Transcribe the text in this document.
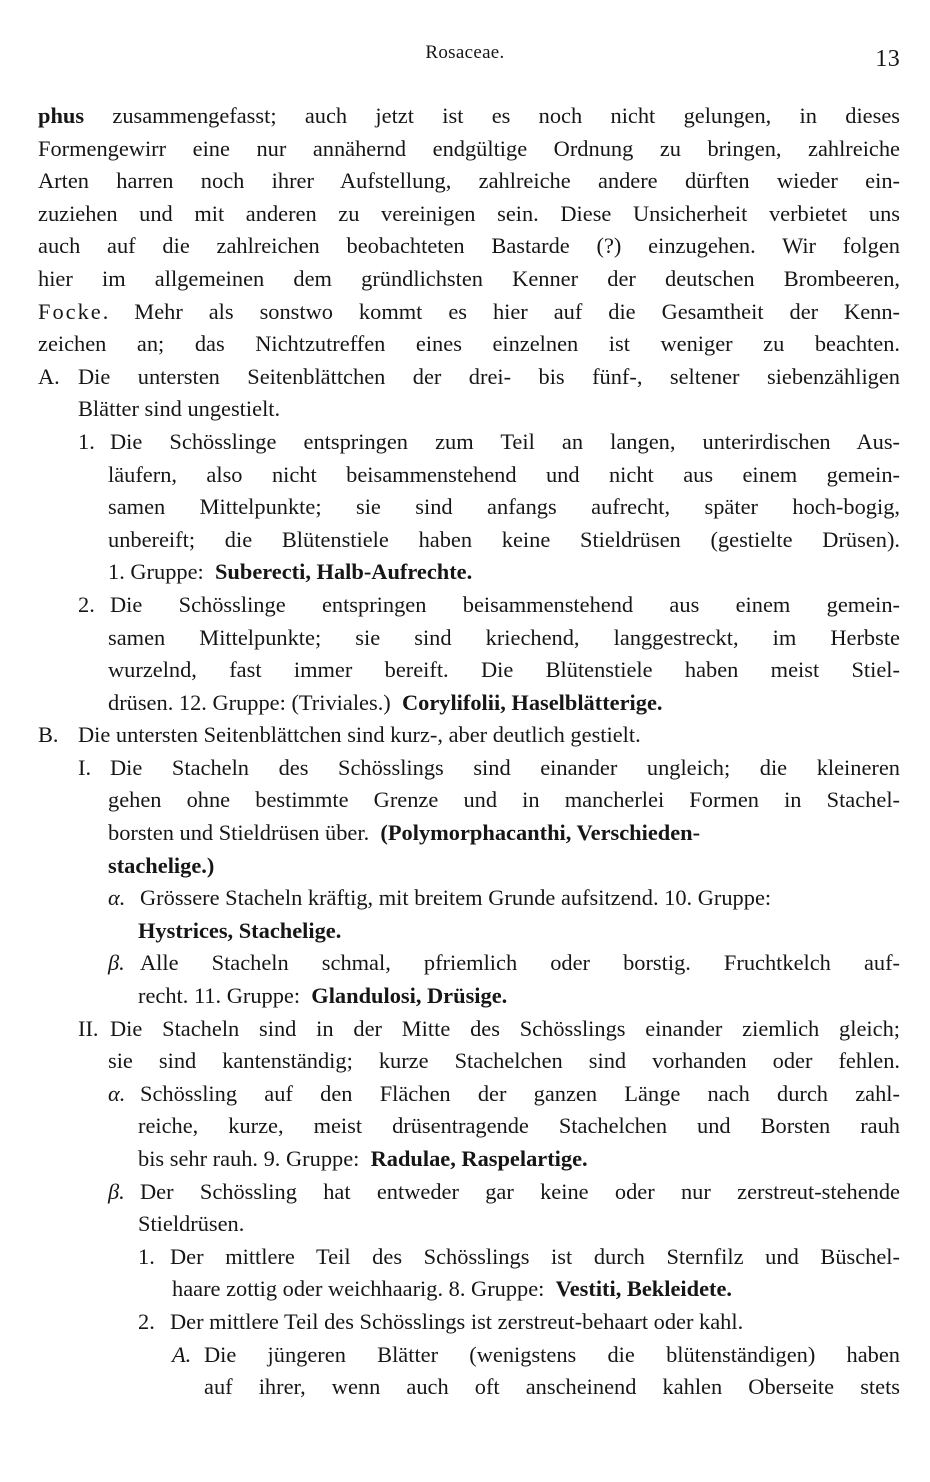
Rosaceae.	13
phus zusammengefasst; auch jetzt ist es noch nicht gelungen, in dieses
Formengewirr eine nur annähernd endgültige Ordnung zu bringen, zahlreiche
Arten harren noch ihrer Aufstellung, zahlreiche andere dürften wieder ein-
zuziehen und mit anderen zu vereinigen sein. Diese Unsicherheit verbietet uns
auch auf die zahlreichen beobachteten Bastarde (?) einzugehen. Wir folgen
hier im allgemeinen dem gründlichsten Kenner der deutschen Brombeeren,
Focke. Mehr als sonstwo kommt es hier auf die Gesamtheit der Kenn-
zeichen an; das Nichtzutreffen eines einzelnen ist weniger zu beachten.
A. Die untersten Seitenblättchen der drei- bis fünf-, seltener siebenzähligen
Blätter sind ungestielt.
1. Die Schösslinge entspringen zum Teil an langen, unterirdischen Aus-
läufern, also nicht beisammenstehend und nicht aus einem gemein-
samen Mittelpunkte; sie sind anfangs aufrecht, später hoch-bogig,
unbereift; die Blütenstiele haben keine Stieldrüsen (gestielte Drüsen).
1. Gruppe:
Suberecti, Halb-Aufrechte.
2. Die Schösslinge entspringen beisammenstehend aus einem gemein-
samen Mittelpunkte; sie sind kriechend, langgestreckt, im Herbste
wurzelnd, fast immer bereift. Die Blütenstiele haben meist Stiel-
drüsen. 12. Gruppe: (Triviales.)
Corylifolii, Haselblätterige.
B. Die untersten Seitenblättchen sind kurz-, aber deutlich gestielt.
I. Die Stacheln des Schösslings sind einander ungleich; die kleineren
gehen ohne bestimmte Grenze und in mancherlei Formen in Stachel-
borsten und Stieldrüsen über.
(Polymorphacanthi, Verschieden-
stachelige.)
α. Grössere Stacheln kräftig, mit breitem Grunde aufsitzend. 10. Gruppe:
Hystrices, Stachelige.
β. Alle Stacheln schmal, pfriemlich oder borstig. Fruchtkelch auf-
recht. 11. Gruppe:
Glandulosi, Drüsige.
II. Die Stacheln sind in der Mitte des Schösslings einander ziemlich gleich;
sie sind kantenständig; kurze Stachelchen sind vorhanden oder fehlen.
α. Schössling auf den Flächen der ganzen Länge nach durch zahl-
reiche, kurze, meist drüsentragende Stachelchen und Borsten rauh
bis sehr rauh. 9. Gruppe:
Radulae, Raspelartige.
β. Der Schössling hat entweder gar keine oder nur zerstreut-stehende
Stieldrüsen.
1. Der mittlere Teil des Schösslings ist durch Sternfilz und Büschel-
haare zottig oder weichhaarig. 8. Gruppe:
Vestiti, Bekleidete.
2. Der mittlere Teil des Schösslings ist zerstreut-behaart oder kahl.
A. Die jüngeren Blätter (wenigstens die blütenständigen) haben
auf ihrer, wenn auch oft anscheinend kahlen Oberseite stets
